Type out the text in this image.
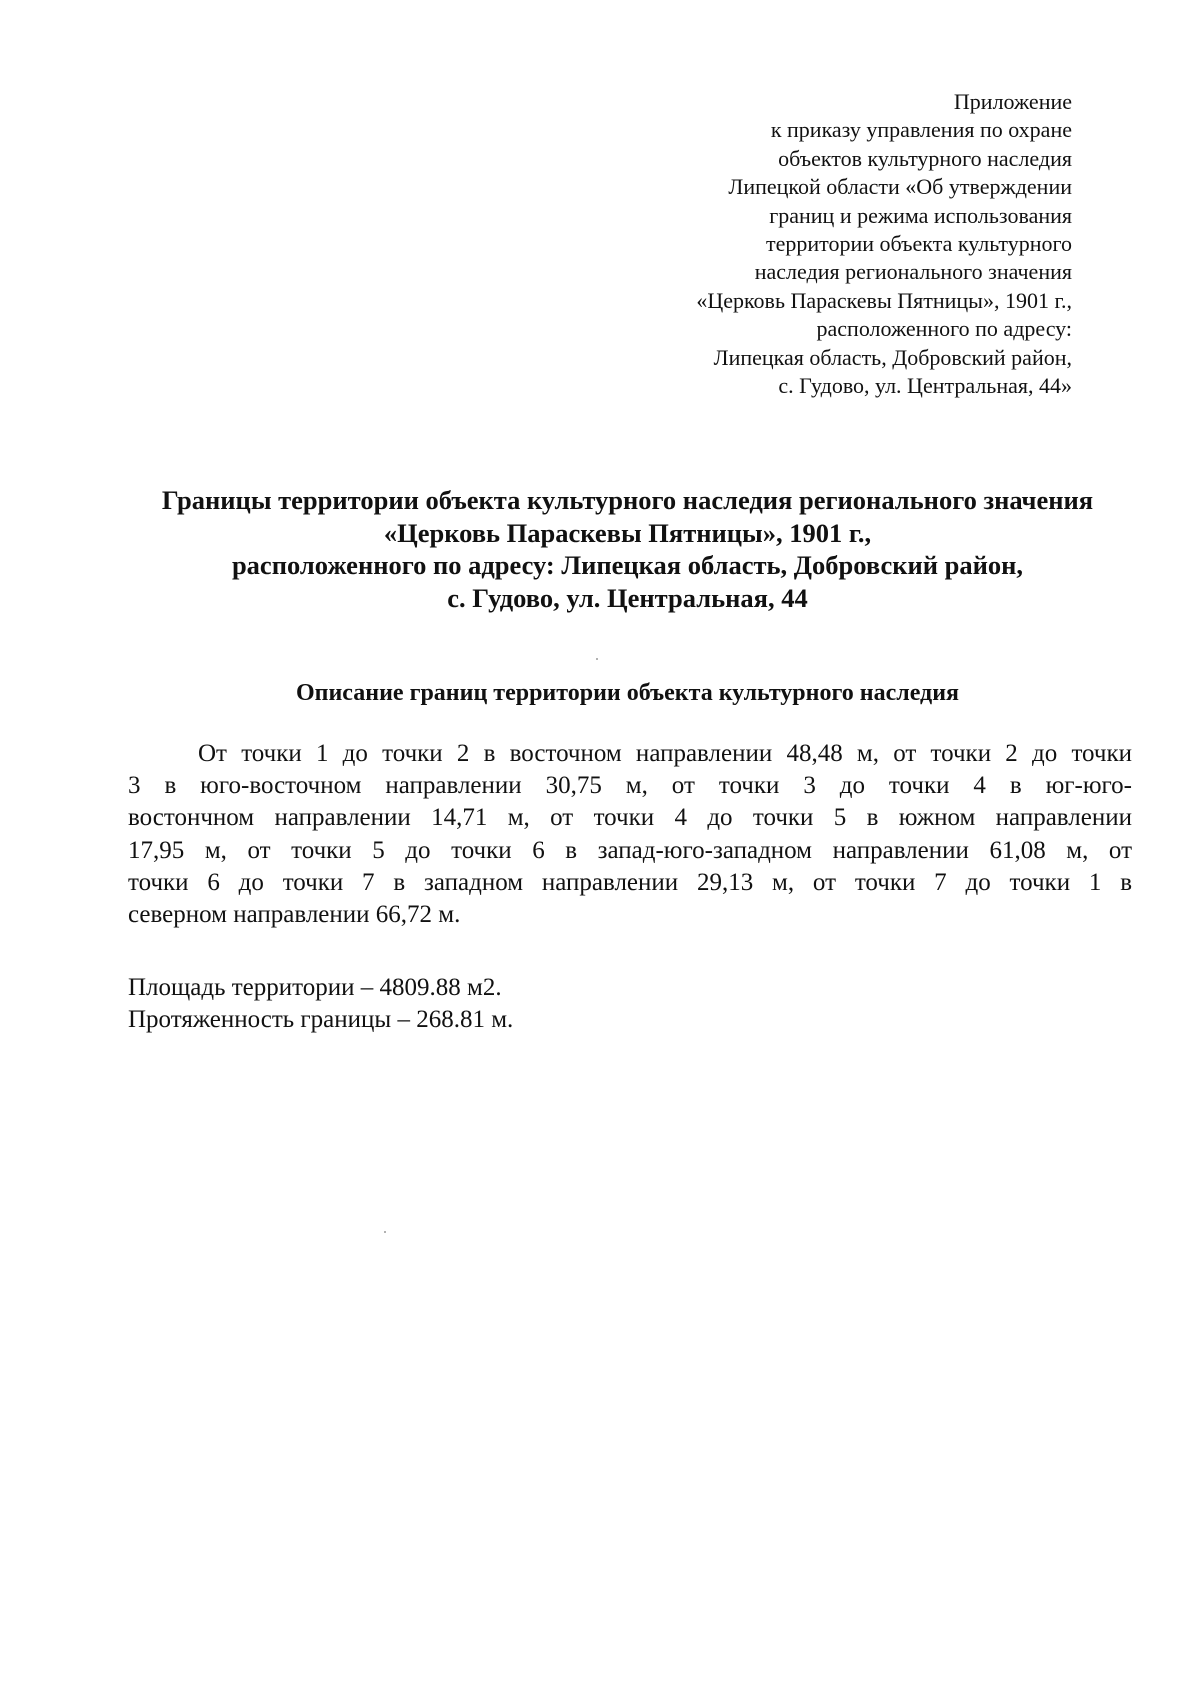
Приложение
к приказу управления по охране
объектов культурного наследия
Липецкой области «Об утверждении
границ и режима использования
территории объекта культурного
наследия регионального значения
«Церковь Параскевы Пятницы», 1901 г.,
расположенного по адресу:
Липецкая область, Добровский район,
с. Гудово, ул. Центральная, 44»
Границы территории объекта культурного наследия регионального значения
«Церковь Параскевы Пятницы», 1901 г.,
расположенного по адресу: Липецкая область, Добровский район,
с. Гудово, ул. Центральная, 44
Описание границ территории объекта культурного наследия
От точки 1 до точки 2 в восточном направлении 48,48 м, от точки 2 до точки
3 в юго-восточном направлении 30,75 м, от точки 3 до точки 4 в юг-юго-
востончном направлении 14,71 м, от точки 4 до точки 5 в южном направлении
17,95 м, от точки 5 до точки 6 в запад-юго-западном направлении 61,08 м, от
точки 6 до точки 7 в западном направлении 29,13 м, от точки 7 до точки 1 в
северном направлении 66,72 м.
Площадь территории – 4809.88 м2.
Протяженность границы – 268.81 м.
